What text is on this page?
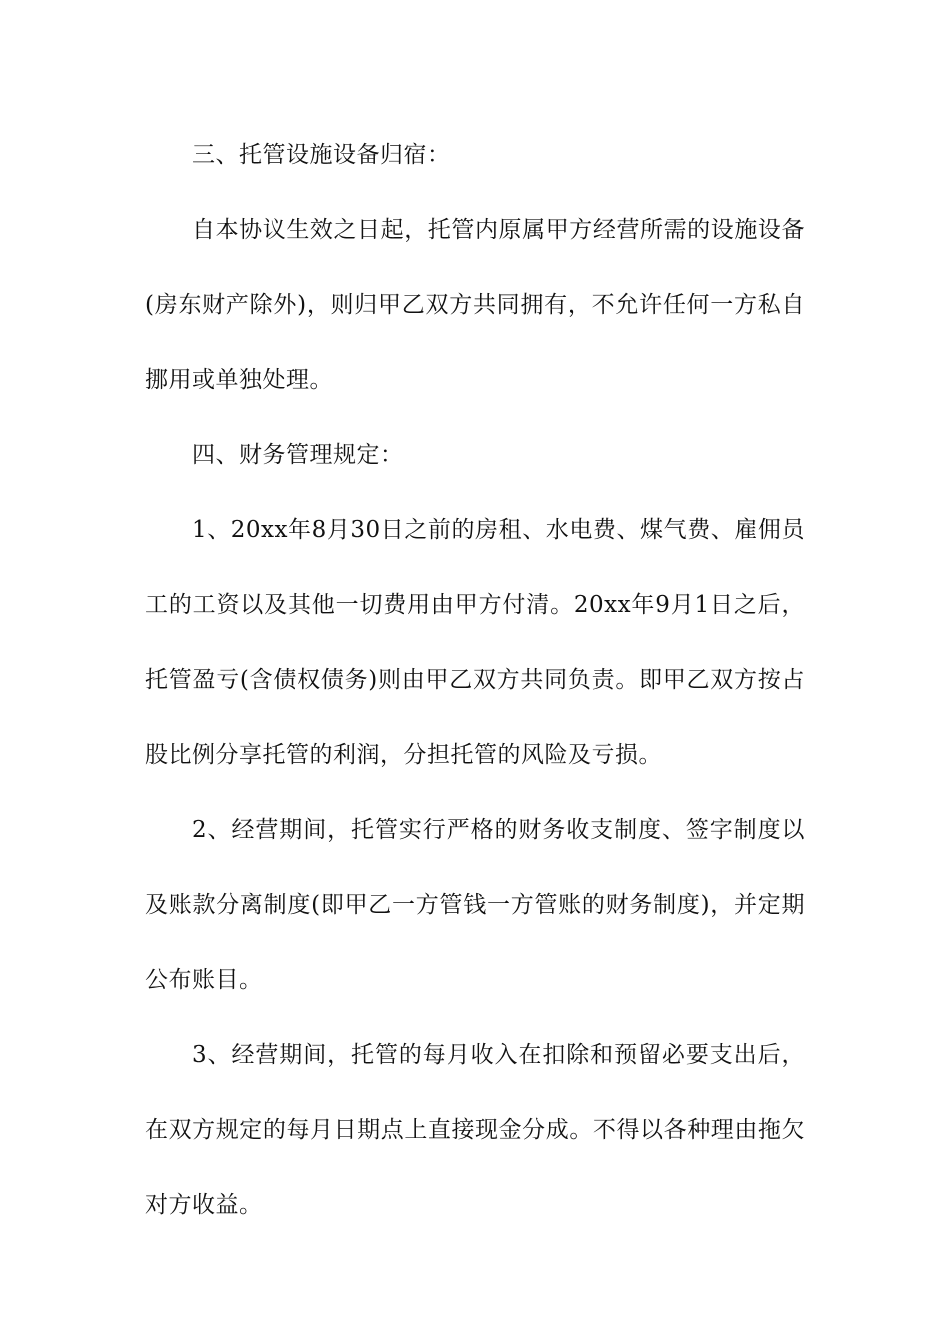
三、托管设施设备归宿：

自本协议生效之日起，托管内原属甲方经营所需的设施设备(房东财产除外)，则归甲乙双方共同拥有，不允许任何一方私自挪用或单独处理。

四、财务管理规定：

1、20xx年8月30日之前的房租、水电费、煤气费、雇佣员工的工资以及其他一切费用由甲方付清。20xx年9月1日之后，托管盈亏(含债权债务)则由甲乙双方共同负责。即甲乙双方按占股比例分享托管的利润，分担托管的风险及亏损。

2、经营期间，托管实行严格的财务收支制度、签字制度以及账款分离制度(即甲乙一方管钱一方管账的财务制度)，并定期公布账目。

3、经营期间，托管的每月收入在扣除和预留必要支出后，在双方规定的每月日期点上直接现金分成。不得以各种理由拖欠对方收益。
